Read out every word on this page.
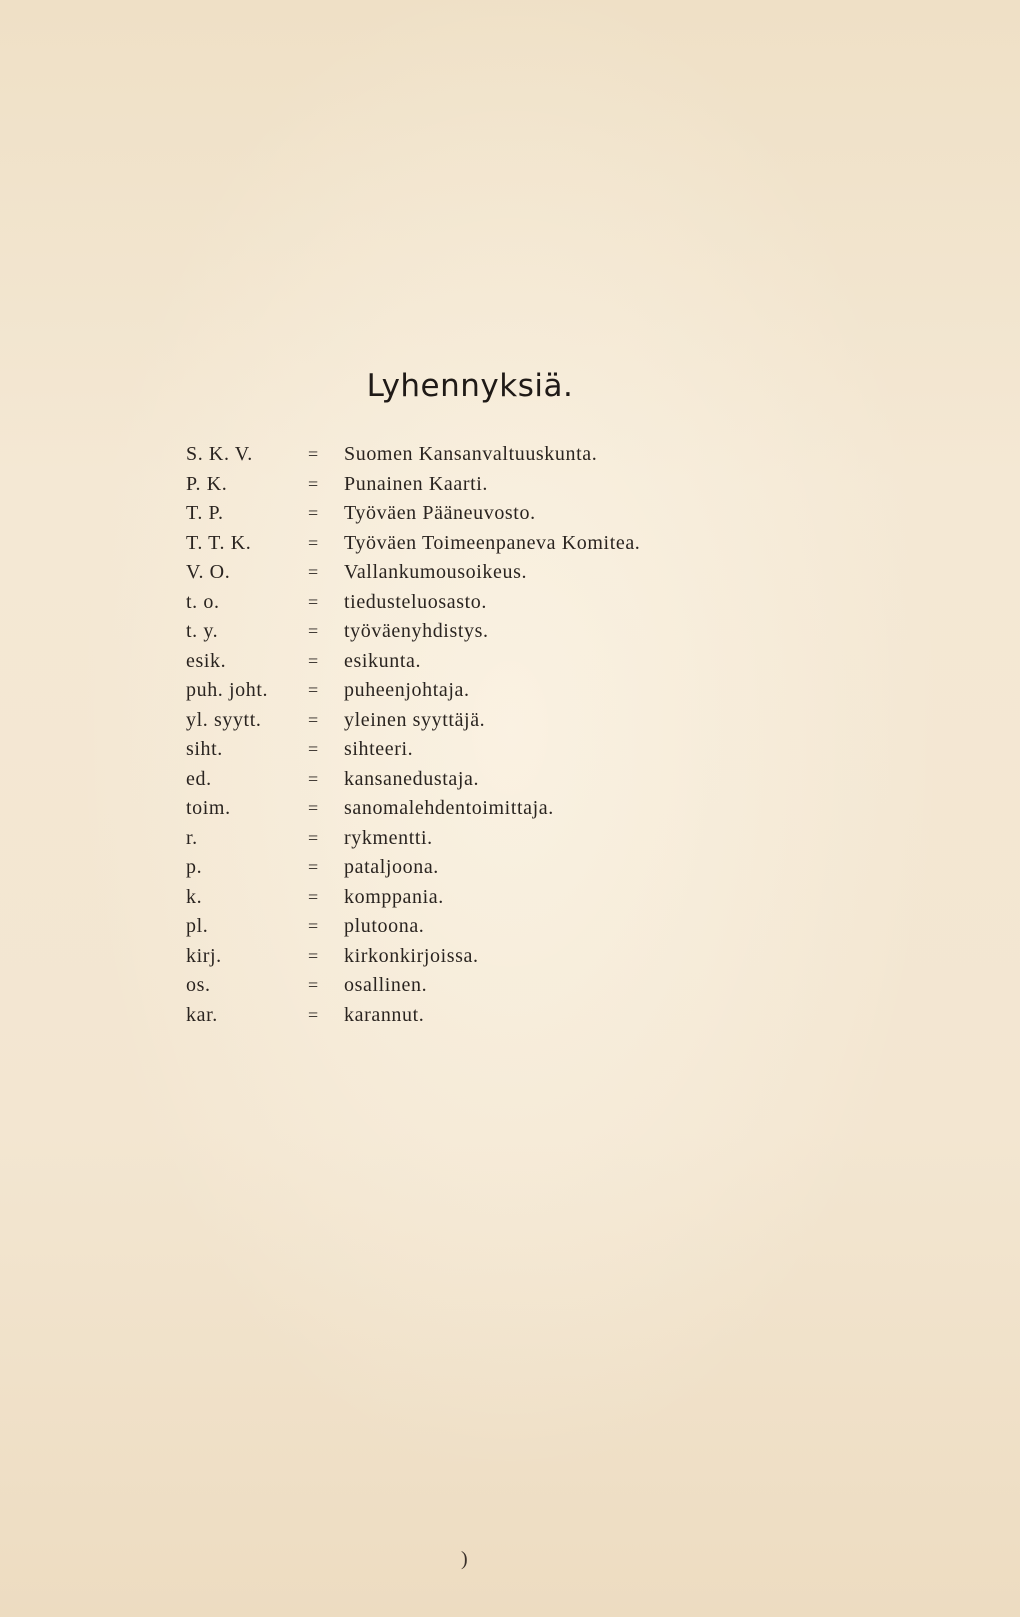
Lyhennyksiä.
S. K. V.	=	Suomen Kansanvaltuuskunta.
P. K.	=	Punainen Kaarti.
T. P.	=	Työväen Pääneuvosto.
T. T. K.	=	Työväen Toimeenpaneva Komitea.
V. O.	=	Vallankumousoikeus.
t. o.	=	tiedusteluosasto.
t. y.	=	työväenyhdistys.
esik.	=	esikunta.
puh. joht.	=	puheenjohtaja.
yl. syytt.	=	yleinen syyttäjä.
siht.	=	sihteeri.
ed.	=	kansanedustaja.
toim.	=	sanomalehdentoimittaja.
r.	=	rykmentti.
p.	=	pataljoona.
k.	=	komppania.
pl.	=	plutoona.
kirj.	=	kirkonkirjoissa.
os.	=	osallinen.
kar.	=	karannut.
)
